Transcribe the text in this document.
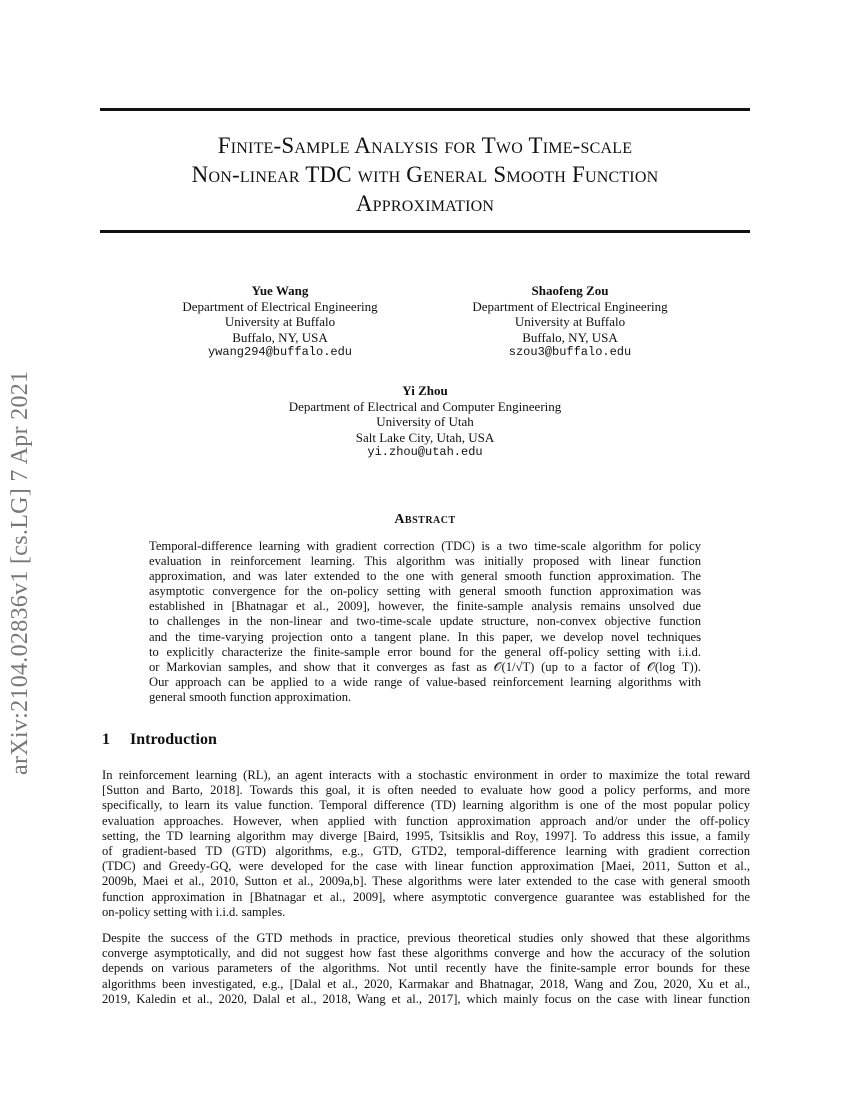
arXiv:2104.02836v1 [cs.LG] 7 Apr 2021
Finite-Sample Analysis for Two Time-scale
Non-linear TDC with General Smooth Function
Approximation
Yue Wang
Department of Electrical Engineering
University at Buffalo
Buffalo, NY, USA
ywang294@buffalo.edu
Shaofeng Zou
Department of Electrical Engineering
University at Buffalo
Buffalo, NY, USA
szou3@buffalo.edu
Yi Zhou
Department of Electrical and Computer Engineering
University of Utah
Salt Lake City, Utah, USA
yi.zhou@utah.edu
Abstract
Temporal-difference learning with gradient correction (TDC) is a two time-scale algorithm for policy
evaluation in reinforcement learning. This algorithm was initially proposed with linear function
approximation, and was later extended to the one with general smooth function approximation. The
asymptotic convergence for the on-policy setting with general smooth function approximation was
established in [Bhatnagar et al., 2009], however, the finite-sample analysis remains unsolved due
to challenges in the non-linear and two-time-scale update structure, non-convex objective function
and the time-varying projection onto a tangent plane. In this paper, we develop novel techniques
to explicitly characterize the finite-sample error bound for the general off-policy setting with i.i.d.
or Markovian samples, and show that it converges as fast as 𝒪(1/√T) (up to a factor of 𝒪(log T)).
Our approach can be applied to a wide range of value-based reinforcement learning algorithms with
general smooth function approximation.
1 Introduction
In reinforcement learning (RL), an agent interacts with a stochastic environment in order to maximize the total reward
[Sutton and Barto, 2018]. Towards this goal, it is often needed to evaluate how good a policy performs, and more
specifically, to learn its value function. Temporal difference (TD) learning algorithm is one of the most popular policy
evaluation approaches. However, when applied with function approximation approach and/or under the off-policy
setting, the TD learning algorithm may diverge [Baird, 1995, Tsitsiklis and Roy, 1997]. To address this issue, a family
of gradient-based TD (GTD) algorithms, e.g., GTD, GTD2, temporal-difference learning with gradient correction
(TDC) and Greedy-GQ, were developed for the case with linear function approximation [Maei, 2011, Sutton et al.,
2009b, Maei et al., 2010, Sutton et al., 2009a,b]. These algorithms were later extended to the case with general smooth
function approximation in [Bhatnagar et al., 2009], where asymptotic convergence guarantee was established for the
on-policy setting with i.i.d. samples.
Despite the success of the GTD methods in practice, previous theoretical studies only showed that these algorithms
converge asymptotically, and did not suggest how fast these algorithms converge and how the accuracy of the solution
depends on various parameters of the algorithms. Not until recently have the finite-sample error bounds for these
algorithms been investigated, e.g., [Dalal et al., 2020, Karmakar and Bhatnagar, 2018, Wang and Zou, 2020, Xu et al.,
2019, Kaledin et al., 2020, Dalal et al., 2018, Wang et al., 2017], which mainly focus on the case with linear function
